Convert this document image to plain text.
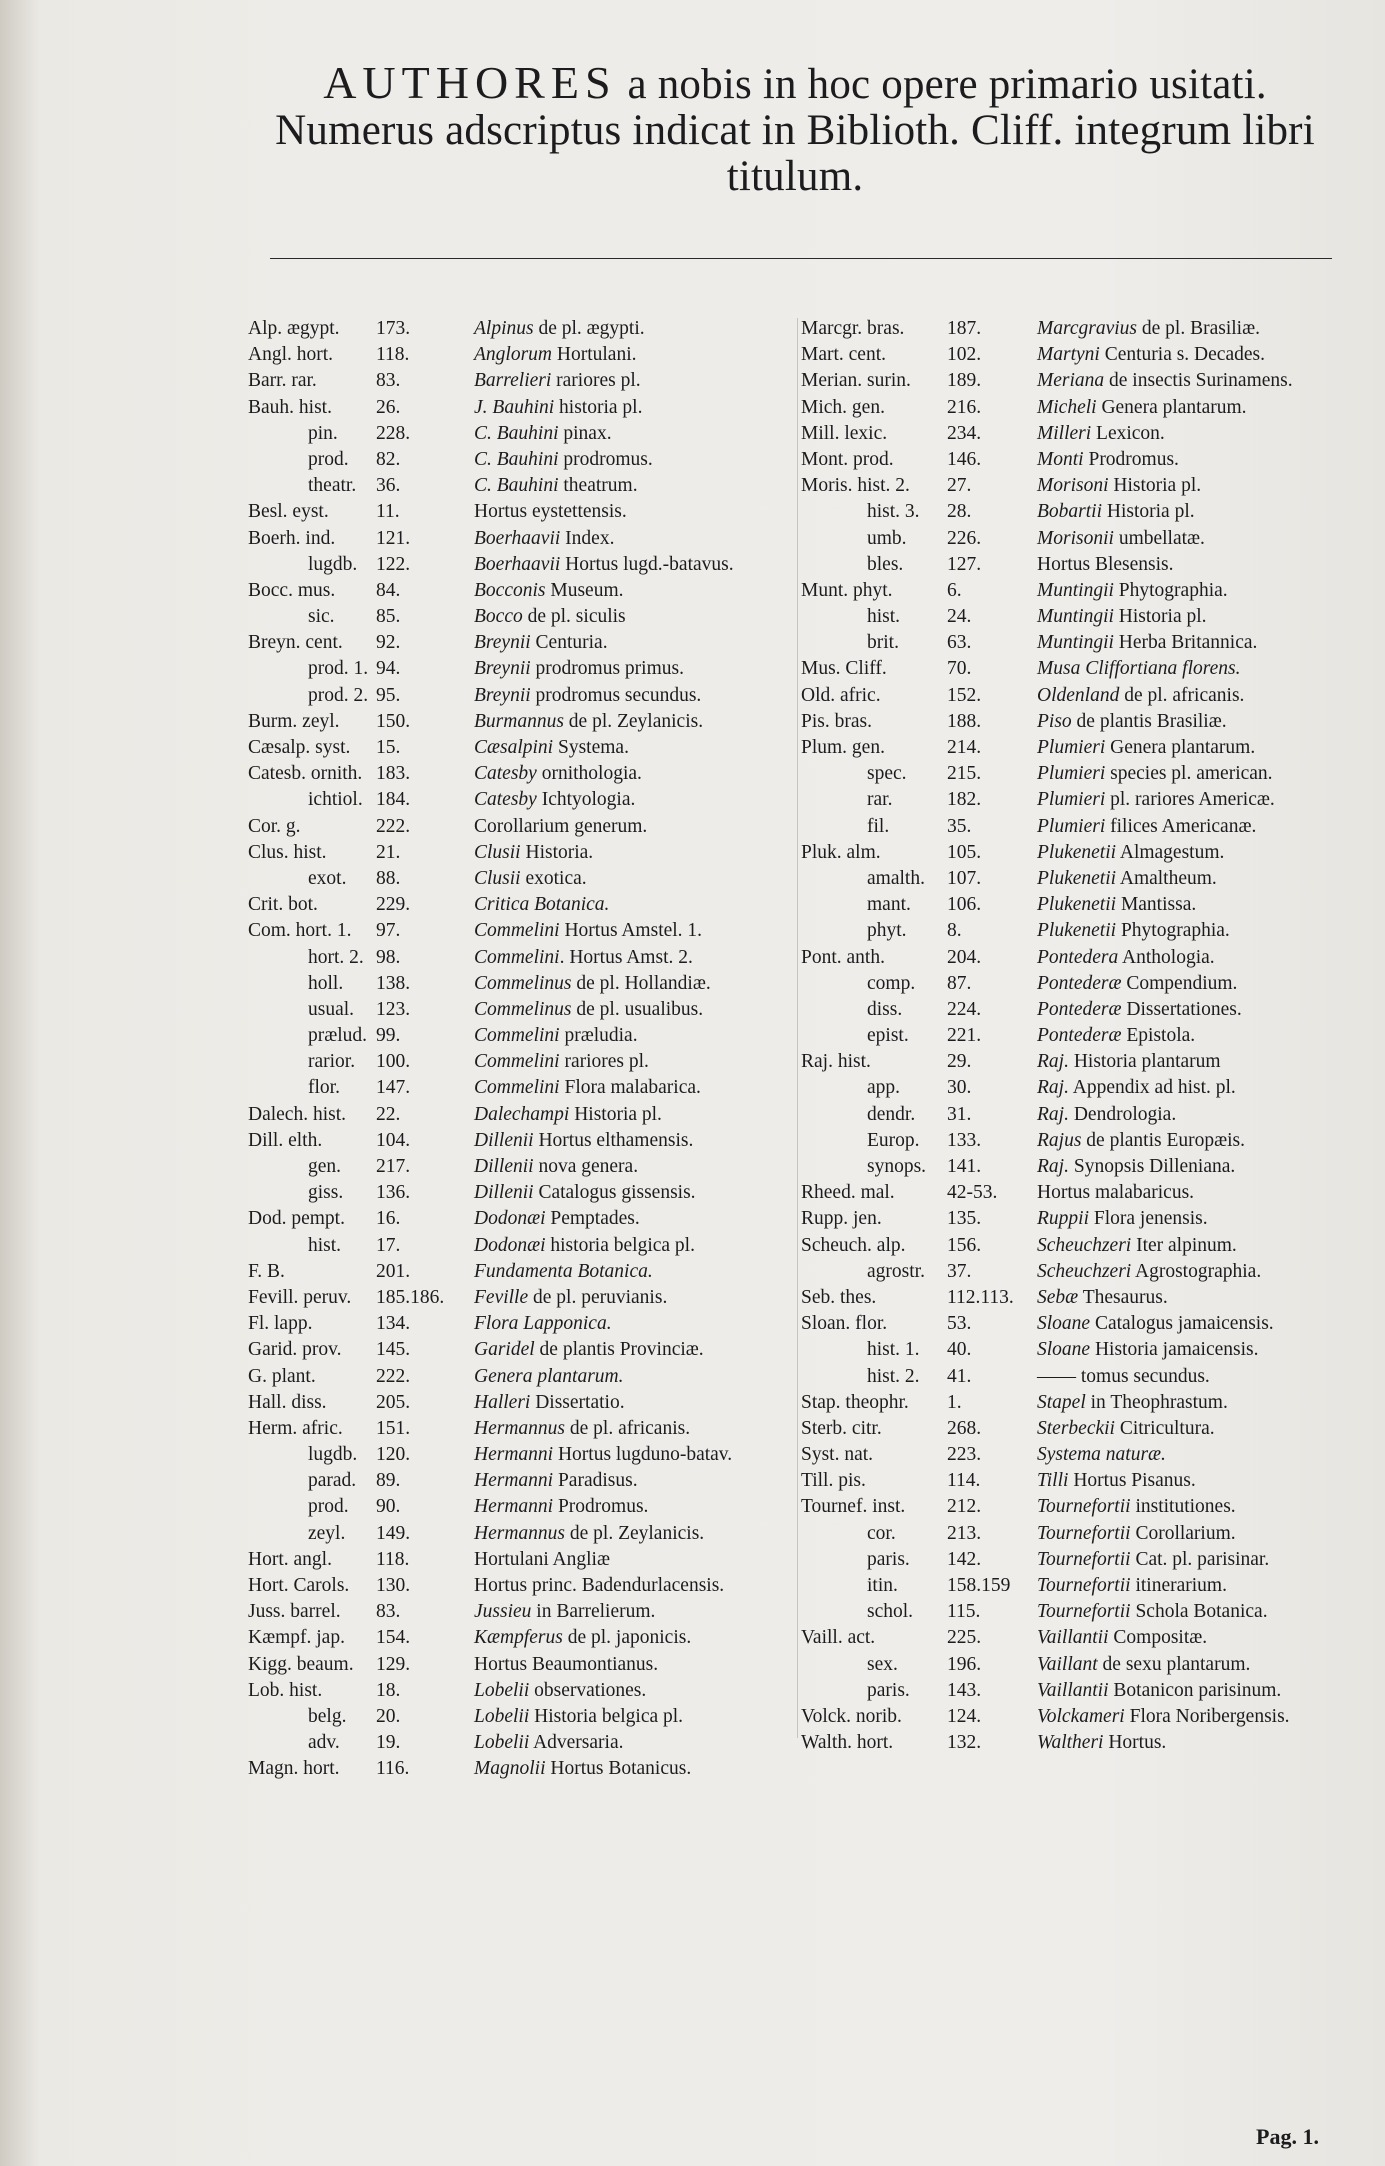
AUTHORES a nobis in hoc opere primario usitati. Numerus adscriptus indicat in Biblioth. Cliff. integrum libri titulum.
Alp. ægypt. 173.	Alpinus de pl. ægypti.
Angl. hort. 118.	Anglorum Hortulani.
Barr. rar.	83.	Barrelieri rariores pl.
Bauh. hist. 26.	J. Bauhini historia pl.
pin. 228.	C. Bauhini pinax.
prod. 82.	C. Bauhini prodromus.
theatr. 36.	C. Bauhini theatrum.
Besl. eyst. 11.	Hortus eystettensis.
Boerh. ind. 121.	Boerhaavii Index.
lugdb. 122.	Boerhaavii Hortus lugd.-batavus.
Bocc. mus. 84.	Bocconis Museum.
sic. 85.	Bocco de pl. siculis
Breyn. cent. 92.	Breynii Centuria.
prod. 1. 94.	Breynii prodromus primus.
prod. 2. 95.	Breynii prodromus secundus.
Burm. zeyl. 150.	Burmannus de pl. Zeylanicis.
Cæsalp. syst. 15.	Cæsalpini Systema.
Catesb. ornith. 183.	Catesby ornithologia.
ichtiol. 184.	Catesby Ichtyologia.
Cor. g.	222.	Corollarium generum.
Clus. hist.	21.	Clusii Historia.
exot. 88.	Clusii exotica.
Crit. bot.	229.	Critica Botanica.
Com. hort. 1. 97.	Commelini Hortus Amstel. 1.
hort. 2. 98.	Commelini. Hortus Amst. 2.
holl. 138.	Commelinus de pl. Hollandiæ.
usual. 123.	Commelinus de pl. usualibus.
prælud. 99.	Commelini præludia.
rarior. 100.	Commelini rariores pl.
flor. 147.	Commelini Flora malabarica.
Dalech. hist. 22.	Dalechampi Historia pl.
Dill. elth.	104.	Dillenii Hortus elthamensis.
gen. 217.	Dillenii nova genera.
giss. 136.	Dillenii Catalogus gissensis.
Dod. pempt. 16.	Dodonæi Pemptades.
hist. 17.	Dodonæi historia belgica pl.
F. B.	201.	Fundamenta Botanica.
Fevill. peruv. 185.186. Feville de pl. peruvianis.
Fl. lapp.	134.	Flora Lapponica.
Garid. prov. 145.	Garidel de plantis Provinciæ.
G. plant.	222.	Genera plantarum.
Hall. diss.	205.	Halleri Dissertatio.
Herm. afric. 151.	Hermannus de pl. africanis.
lugdb. 120.	Hermanni Hortus lugduno-batav.
parad. 89.	Hermanni Paradisus.
prod. 90.	Hermanni Prodromus.
zeyl. 149.	Hermannus de pl. Zeylanicis.
Hort. angl. 118.	Hortulani Angliæ
Hort. Carols. 130.	Hortus princ. Badendurlacensis.
Juss. barrel. 83.	Jussieu in Barrelierum.
Kæmpf. jap. 154.	Kæmpferus de pl. japonicis.
Kigg. beaum. 129.	Hortus Beaumontianus.
Lob. hist.	18.	Lobelii observationes.
belg. 20.	Lobelii Historia belgica pl.
adv. 19.	Lobelii Adversaria.
Magn. hort. 116.	Magnolii Hortus Botanicus.
Marcgr. bras. 187.	Marcgravius de pl. Brasiliæ.
Mart. cent.	102.	Martyni Centuria s. Decades.
Merian. surin. 189.	Meriana de insectis Surinamens.
Mich. gen.	216.	Micheli Genera plantarum.
Mill. lexic.	234.	Milleri Lexicon.
Mont. prod.	146.	Monti Prodromus.
Moris. hist. 2. 27.	Morisoni Historia pl.
hist. 3. 28.	Bobartii Historia pl.
umb. 226.	Morisonii umbellatæ.
bles. 127.	Hortus Blesensis.
Munt. phyt.	6.	Muntingii Phytographia.
hist. 24.	Muntingii Historia pl.
brit. 63.	Muntingii Herba Britannica.
Mus. Cliff.	70.	Musa Cliffortiana florens.
Old. afric.	152.	Oldenland de pl. africanis.
Pis. bras.	188.	Piso de plantis Brasiliæ.
Plum. gen.	214.	Plumieri Genera plantarum.
spec. 215.	Plumieri species pl. american.
rar.	182.	Plumieri pl. rariores Americæ.
fil.	35.	Plumieri filices Americanæ.
Pluk. alm.	105.	Plukenetii Almagestum.
amalth. 107.	Plukenetii Amaltheum.
mant. 106.	Plukenetii Mantissa.
phyt. 8.	Plukenetii Phytographia.
Pont. anth.	204.	Pontedera Anthologia.
comp. 87.	Pontederæ Compendium.
diss. 224.	Pontederæ Dissertationes.
epist. 221.	Pontederæ Epistola.
Raj. hist.	29.	Raj. Historia plantarum
app. 30.	Raj. Appendix ad hist. pl.
dendr. 31.	Raj. Dendrologia.
Europ. 133.	Rajus de plantis Europæis.
synops. 141.	Raj. Synopsis Dilleniana.
Rheed. mal.	42-53. Hortus malabaricus.
Rupp. jen.	135.	Ruppii Flora jenensis.
Scheuch. alp. 156.	Scheuchzeri Iter alpinum.
agrostr. 37.	Scheuchzeri Agrostographia.
Seb. thes.	112.113. Sebæ Thesaurus.
Sloan. flor.	53.	Sloane Catalogus jamaicensis.
hist. 1. 40.	Sloane Historia jamaicensis.
hist. 2. 41.	—— tomus secundus.
Stap. theophr. 1.	Stapel in Theophrastum.
Sterb. citr.	268.	Sterbeckii Citricultura.
Syst. nat.	223.	Systema naturæ.
Till. pis.	114.	Tilli Hortus Pisanus.
Tournef. inst. 212.	Tournefortii institutiones.
cor.	213.	Tournefortii Corollarium.
paris. 142.	Tournefortii Cat. pl. parisinar.
itin.	158.159 Tournefortii itinerarium.
schol. 115.	Tournefortii Schola Botanica.
Vaill. act.	225.	Vaillantii Compositæ.
sex.	196.	Vaillant de sexu plantarum.
paris. 143.	Vaillantii Botanicon parisinum.
Volck. norib. 124.	Volckameri Flora Noribergensis.
Walth. hort.	132.	Waltheri Hortus.
Pag. 1.
